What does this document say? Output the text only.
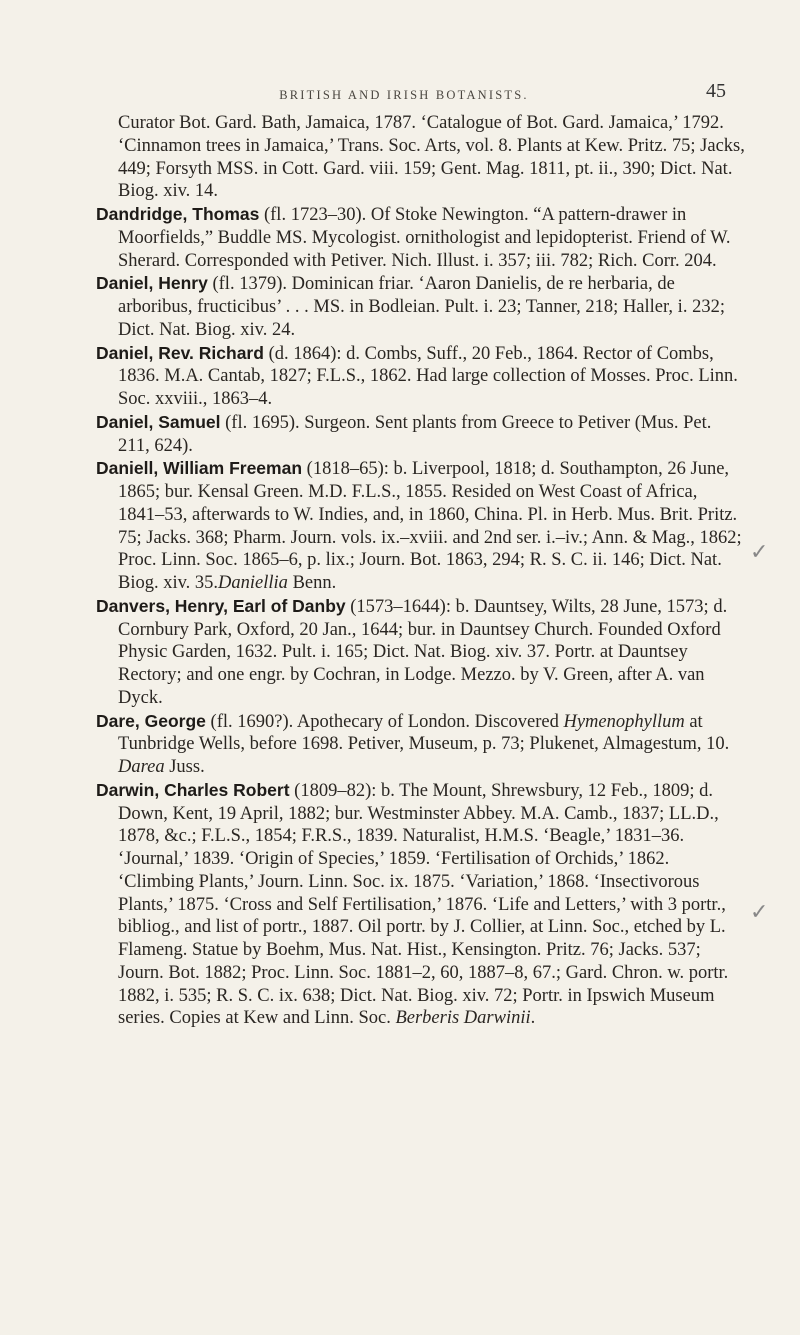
BRITISH AND IRISH BOTANISTS.	45

Curator Bot. Gard. Bath, Jamaica, 1787. ‘Catalogue of Bot. Gard. Jamaica,’ 1792. ‘Cinnamon trees in Jamaica,’ Trans. Soc. Arts, vol. 8. Plants at Kew. Pritz. 75; Jacks, 449; Forsyth MSS. in Cott. Gard. viii. 159; Gent. Mag. 1811, pt. ii., 390; Dict. Nat. Biog. xiv. 14.

Dandridge, Thomas (fl. 1723–30). Of Stoke Newington. “A pattern-drawer in Moorfields,” Buddle MS. Mycologist. ornithologist and lepidopterist. Friend of W. Sherard. Corresponded with Petiver. Nich. Illust. i. 357; iii. 782; Rich. Corr. 204.

Daniel, Henry (fl. 1379). Dominican friar. ‘Aaron Danielis, de re herbaria, de arboribus, fructicibus’ . . . MS. in Bodleian. Pult. i. 23; Tanner, 218; Haller, i. 232; Dict. Nat. Biog. xiv. 24.

Daniel, Rev. Richard (d. 1864): d. Combs, Suff., 20 Feb., 1864. Rector of Combs, 1836. M.A. Cantab, 1827; F.L.S., 1862. Had large collection of Mosses. Proc. Linn. Soc. xxviii., 1863–4.

Daniel, Samuel (fl. 1695). Surgeon. Sent plants from Greece to Petiver (Mus. Pet. 211, 624).

Daniell, William Freeman (1818–65): b. Liverpool, 1818; d. Southampton, 26 June, 1865; bur. Kensal Green. M.D. F.L.S., 1855. Resided on West Coast of Africa, 1841–53, afterwards to W. Indies, and, in 1860, China. Pl. in Herb. Mus. Brit. Pritz. 75; Jacks. 368; Pharm. Journ. vols. ix.–xviii. and 2nd ser. i.–iv.; Ann. & Mag., 1862; Proc. Linn. Soc. 1865–6, p. lix.; Journ. Bot. 1863, 294; R. S. C. ii. 146; Dict. Nat. Biog. xiv. 35.Daniellia Benn.

Danvers, Henry, Earl of Danby (1573–1644): b. Dauntsey, Wilts, 28 June, 1573; d. Cornbury Park, Oxford, 20 Jan., 1644; bur. in Dauntsey Church. Founded Oxford Physic Garden, 1632. Pult. i. 165; Dict. Nat. Biog. xiv. 37. Portr. at Dauntsey Rectory; and one engr. by Cochran, in Lodge. Mezzo. by V. Green, after A. van Dyck.

Dare, George (fl. 1690?). Apothecary of London. Discovered Hymenophyllum at Tunbridge Wells, before 1698. Petiver, Museum, p. 73; Plukenet, Almagestum, 10. Darea Juss.

Darwin, Charles Robert (1809–82): b. The Mount, Shrewsbury, 12 Feb., 1809; d. Down, Kent, 19 April, 1882; bur. Westminster Abbey. M.A. Camb., 1837; LL.D., 1878, &c.; F.L.S., 1854; F.R.S., 1839. Naturalist, H.M.S. ‘Beagle,’ 1831–36. ‘Journal,’ 1839. ‘Origin of Species,’ 1859. ‘Fertilisation of Orchids,’ 1862. ‘Climbing Plants,’ Journ. Linn. Soc. ix. 1875. ‘Variation,’ 1868. ‘Insectivorous Plants,’ 1875. ‘Cross and Self Fertilisation,’ 1876. ‘Life and Letters,’ with 3 portr., bibliog., and list of portr., 1887. Oil portr. by J. Collier, at Linn. Soc., etched by L. Flameng. Statue by Boehm, Mus. Nat. Hist., Kensington. Pritz. 76; Jacks. 537; Journ. Bot. 1882; Proc. Linn. Soc. 1881–2, 60, 1887–8, 67.; Gard. Chron. w. portr. 1882, i. 535; R. S. C. ix. 638; Dict. Nat. Biog. xiv. 72; Portr. in Ipswich Museum series. Copies at Kew and Linn. Soc. Berberis Darwinii.

✓
✓
